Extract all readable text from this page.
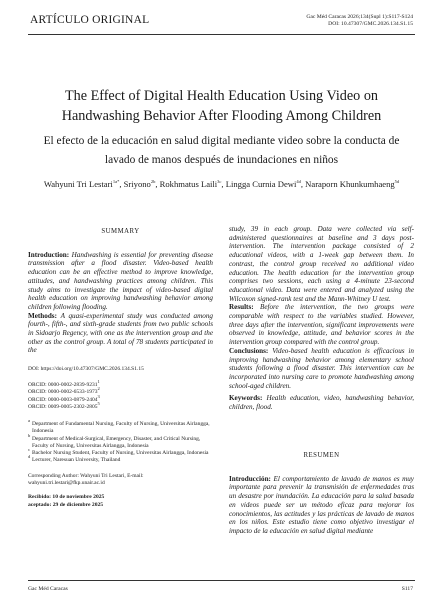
ARTÍCULO ORIGINAL	Gac Méd Caracas 2026;134(Supl 1):S117-S124
DOI: 10.47307/GMC.2026.134.S1.15
The Effect of Digital Health Education Using Video on Handwashing Behavior After Flooding Among Children
El efecto de la educación en salud digital mediante video sobre la conducta de lavado de manos después de inundaciones en niños
Wahyuni Tri Lestari$^{1a*}$, Sriyono$^{2b}$, Rokhmatus Laili$^{3c}$, Lingga Curnia Dewi$^{4d}$, Naraporn Khunkumhaeng$^{5d}$

SUMMARY

Introduction: Handwashing is essential for preventing disease transmission after a flood disaster. Video-based health education can be an effective method to improve knowledge, attitudes, and handwashing practices among children. This study aims to investigate the impact of video-based digital health education on improving handwashing behavior among children following flooding.

Methods: A quasi-experimental study was conducted among fourth-, fifth-, and sixth-grade students from two public schools in Sidoarjo Regency, with one as the intervention group and the other as the control group. A total of 78 students participated in the

DOI: https://doi.org/10.47307/GMC.2026.134.S1.15
ORCID: 0000-0002-2839-9231$^1$
ORCID: 0000-0002-6533-1973$^2$
ORCID: 0000-0003-0879-2404$^3$
ORCID: 0009-0005-2302-2805$^5$
a
Department of Fundamental Nursing, Faculty of Nursing, Universitas Airlangga, Indonesia
b
Department of Medical-Surgical, Emergency, Disaster, and Critical Nursing, Faculty of Nursing, Universitas Airlangga, Indonesia
c
Bachelor Nursing Student, Faculty of Nursing, Universitas Airlangga, Indonesia
d
Lecturer, Naresuan University, Thailand
Corresponding Author: Wahyuni Tri Lestari, E-mail: wahyuni.tri.lestari@fkp.unair.ac.id
Recibido: 10 de noviembre 2025
aceptado: 29 de diciembre 2025

study, 39 in each group. Data were collected via self-administered questionnaires at baseline and 3 days post-intervention. The intervention package consisted of 2 educational videos, with a 1-week gap between them. In contrast, the control group received no additional video education. The health education for the intervention group comprises two sessions, each using a 4-minute 23-second educational video. Data were entered and analyzed using the Wilcoxon signed-rank test and the Mann-Whitney U test.

Results: Before the intervention, the two groups were comparable with respect to the variables studied. However, three days after the intervention, significant improvements were observed in knowledge, attitude, and behavior scores in the intervention group compared with the control group.

Conclusions: Video-based health education is efficacious in improving handwashing behavior among elementary school students following a flood disaster. This intervention can be incorporated into nursing care to promote handwashing among school-aged children.

Keywords: Health education, video, handwashing behavior, children, flood.

RESUMEN

Introducción: El comportamiento de lavado de manos es muy importante para prevenir la transmisión de enfermedades tras un desastre por inundación. La educación para la salud basada en videos puede ser un método eficaz para mejorar los conocimientos, las actitudes y las prácticas de lavado de manos en los niños. Este estudio tiene como objetivo investigar el impacto de la educación en salud digital mediante

Gac Méd Caracas	S117
